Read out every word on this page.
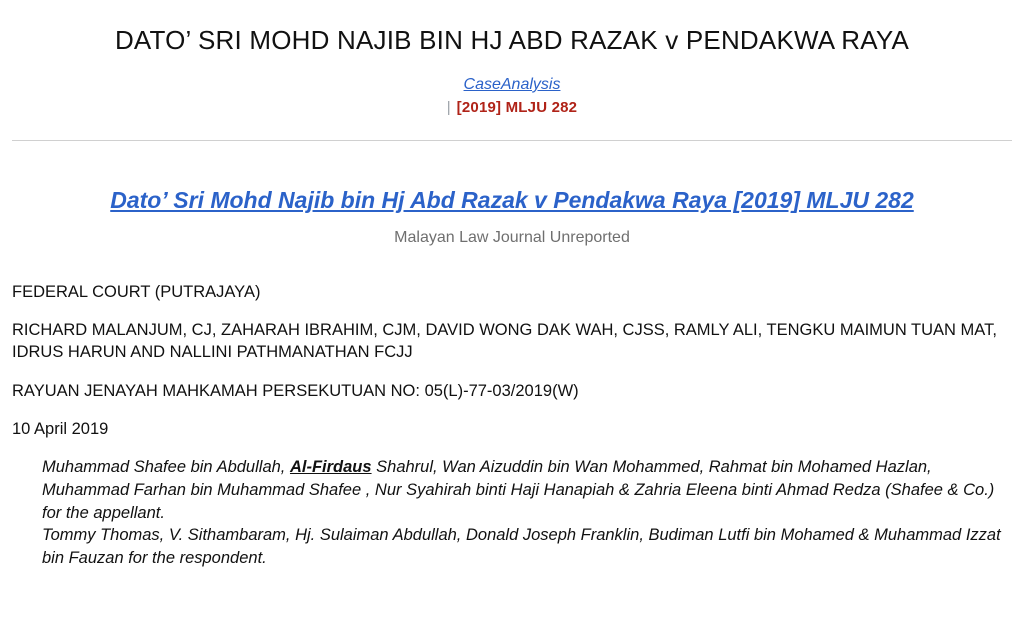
DATO’ SRI MOHD NAJIB BIN HJ ABD RAZAK v PENDAKWA RAYA
CaseAnalysis
| [2019] MLJU 282
Dato’ Sri Mohd Najib bin Hj Abd Razak v Pendakwa Raya [2019] MLJU 282
Malayan Law Journal Unreported
FEDERAL COURT (PUTRAJAYA)
RICHARD MALANJUM, CJ, ZAHARAH IBRAHIM, CJM, DAVID WONG DAK WAH, CJSS, RAMLY ALI, TENGKU MAIMUN TUAN MAT, IDRUS HARUN AND NALLINI PATHMANATHAN FCJJ
RAYUAN JENAYAH MAHKAMAH PERSEKUTUAN NO: 05(L)-77-03/2019(W)
10 April 2019

Muhammad Shafee bin Abdullah, Al-Firdaus Shahrul, Wan Aizuddin bin Wan Mohammed, Rahmat bin Mohamed Hazlan, Muhammad Farhan bin Muhammad Shafee , Nur Syahirah binti Haji Hanapiah & Zahria Eleena binti Ahmad Redza (Shafee & Co.) for the appellant.

Tommy Thomas, V. Sithambaram, Hj. Sulaiman Abdullah, Donald Joseph Franklin, Budiman Lutfi bin Mohamed & Muhammad Izzat bin Fauzan for the respondent.
